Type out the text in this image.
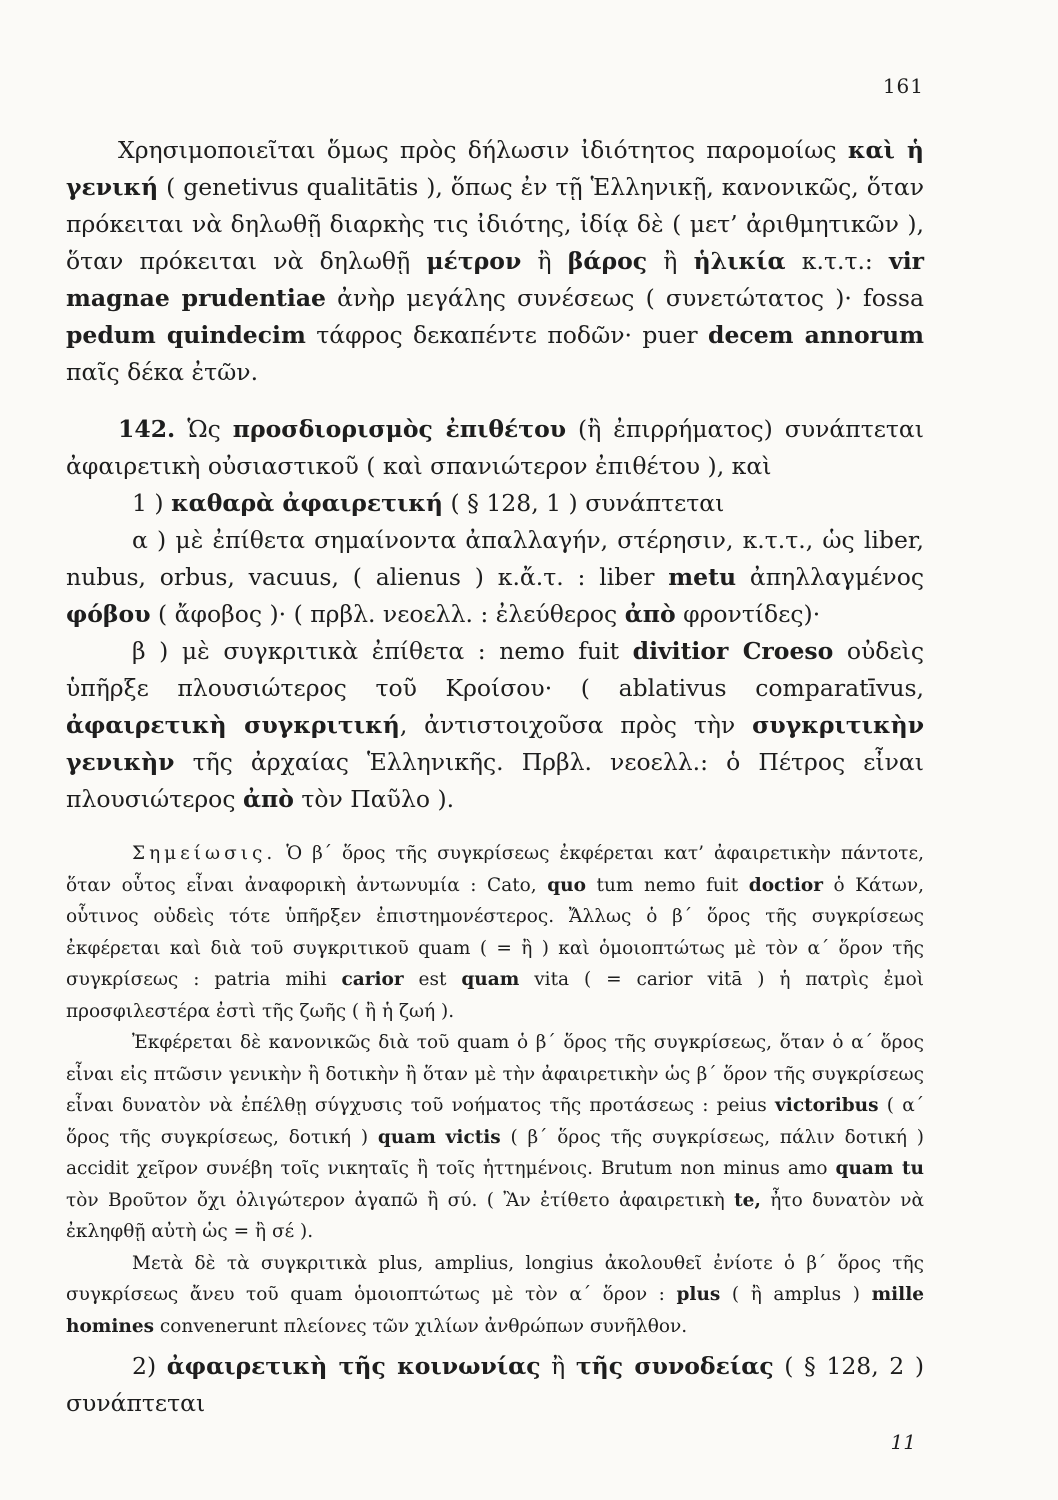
161

Χρησιμοποιεῖται ὅμως πρὸς δήλωσιν ἰδιότητος παρομοίως καὶ ἡ γενική ( genetivus qualitātis ), ὅπως ἐν τῇ Ἑλληνικῇ, κανονικῶς, ὅταν πρόκειται νὰ δηλωθῇ διαρκὴς τις ἰδιότης, ἰδίᾳ δὲ ( μετ’ ἀριθμητικῶν ), ὅταν πρόκειται νὰ δηλωθῇ μέτρον ἢ βάρος ἢ ἡλικία κ.τ.τ.: vir magnae prudentiae ἀνὴρ μεγάλης συνέσεως ( συνετώτατος )· fossa pedum quindecim τάφρος δεκαπέντε ποδῶν· puer decem annorum παῖς δέκα ἐτῶν.

142. Ὡς προσδιορισμὸς ἐπιθέτου (ἢ ἐπιρρήματος) συνάπτεται ἀφαιρετικὴ οὐσιαστικοῦ ( καὶ σπανιώτερον ἐπιθέτου ), καὶ

1 ) καθαρὰ ἀφαιρετική ( § 128, 1 ) συνάπτεται

α ) μὲ ἐπίθετα σημαίνοντα ἀπαλλαγήν, στέρησιν, κ.τ.τ., ὡς liber, nubus, orbus, vacuus, ( alienus ) κ.ἄ.τ. : liber metu ἀπηλλαγμένος φόβου ( ἄφοβος )· ( πρβλ. νεοελλ. : ἐλεύθερος ἀπὸ φροντίδες)·

β ) μὲ συγκριτικὰ ἐπίθετα : nemo fuit divitior Croeso οὐδεὶς ὑπῆρξε πλουσιώτερος τοῦ Κροίσου· ( ablativus comparatīvus, ἀφαιρετικὴ συγκριτική, ἀντιστοιχοῦσα πρὸς τὴν συγκριτικὴν γενικὴν τῆς ἀρχαίας Ἑλληνικῆς. Πρβλ. νεοελλ.: ὁ Πέτρος εἶναι πλουσιώτερος ἀπὸ τὸν Παῦλο ).

Σημείωσις. Ὁ β΄ ὅρος τῆς συγκρίσεως ἐκφέρεται κατ’ ἀφαιρετικὴν πάντοτε, ὅταν οὗτος εἶναι ἀναφορικὴ ἀντωνυμία : Cato, quo tum nemo fuit doctior ὁ Κάτων, οὗτινος οὐδεὶς τότε ὑπῆρξεν ἐπιστημονέστερος. Ἄλλως ὁ β΄ ὅρος τῆς συγκρίσεως ἐκφέρεται καὶ διὰ τοῦ συγκριτικοῦ quam ( = ἢ ) καὶ ὁμοιοπτώτως μὲ τὸν α΄ ὅρον τῆς συγκρίσεως : patria mihi carior est quam vita ( = carior vitā ) ἡ πατρὶς ἐμοὶ προσφιλεστέρα ἐστὶ τῆς ζωῆς ( ἢ ἡ ζωή ).

Ἐκφέρεται δὲ κανονικῶς διὰ τοῦ quam ὁ β΄ ὅρος τῆς συγκρίσεως, ὅταν ὁ α΄ ὅρος εἶναι εἰς πτῶσιν γενικὴν ἢ δοτικὴν ἢ ὅταν μὲ τὴν ἀφαιρετικὴν ὡς β΄ ὅρον τῆς συγκρίσεως εἶναι δυνατὸν νὰ ἐπέλθῃ σύγχυσις τοῦ νοήματος τῆς προτάσεως : peius victoribus ( α΄ ὅρος τῆς συγκρίσεως, δοτική ) quam victis ( β΄ ὅρος τῆς συγκρίσεως, πάλιν δοτική ) accidit χεῖρον συνέβη τοῖς νικηταῖς ἢ τοῖς ἡττημένοις. Brutum non minus amo quam tu τὸν Βροῦτον ὄχι ὀλιγώτερον ἀγαπῶ ἢ σύ. ( Ἂν ἐτίθετο ἀφαιρετικὴ te, ἦτο δυνατὸν νὰ ἐκληφθῇ αὐτὴ ὡς = ἢ σέ ).

Μετὰ δὲ τὰ συγκριτικὰ plus, amplius, longius ἀκολουθεῖ ἐνίοτε ὁ β΄ ὅρος τῆς συγκρίσεως ἄνευ τοῦ quam ὁμοιοπτώτως μὲ τὸν α΄ ὅρον : plus ( ἢ amplus ) mille homines convenerunt πλείονες τῶν χιλίων ἀνθρώπων συνῆλθον.

2) ἀφαιρετικὴ τῆς κοινωνίας ἢ τῆς συνοδείας ( § 128, 2 ) συνάπτεται

11
